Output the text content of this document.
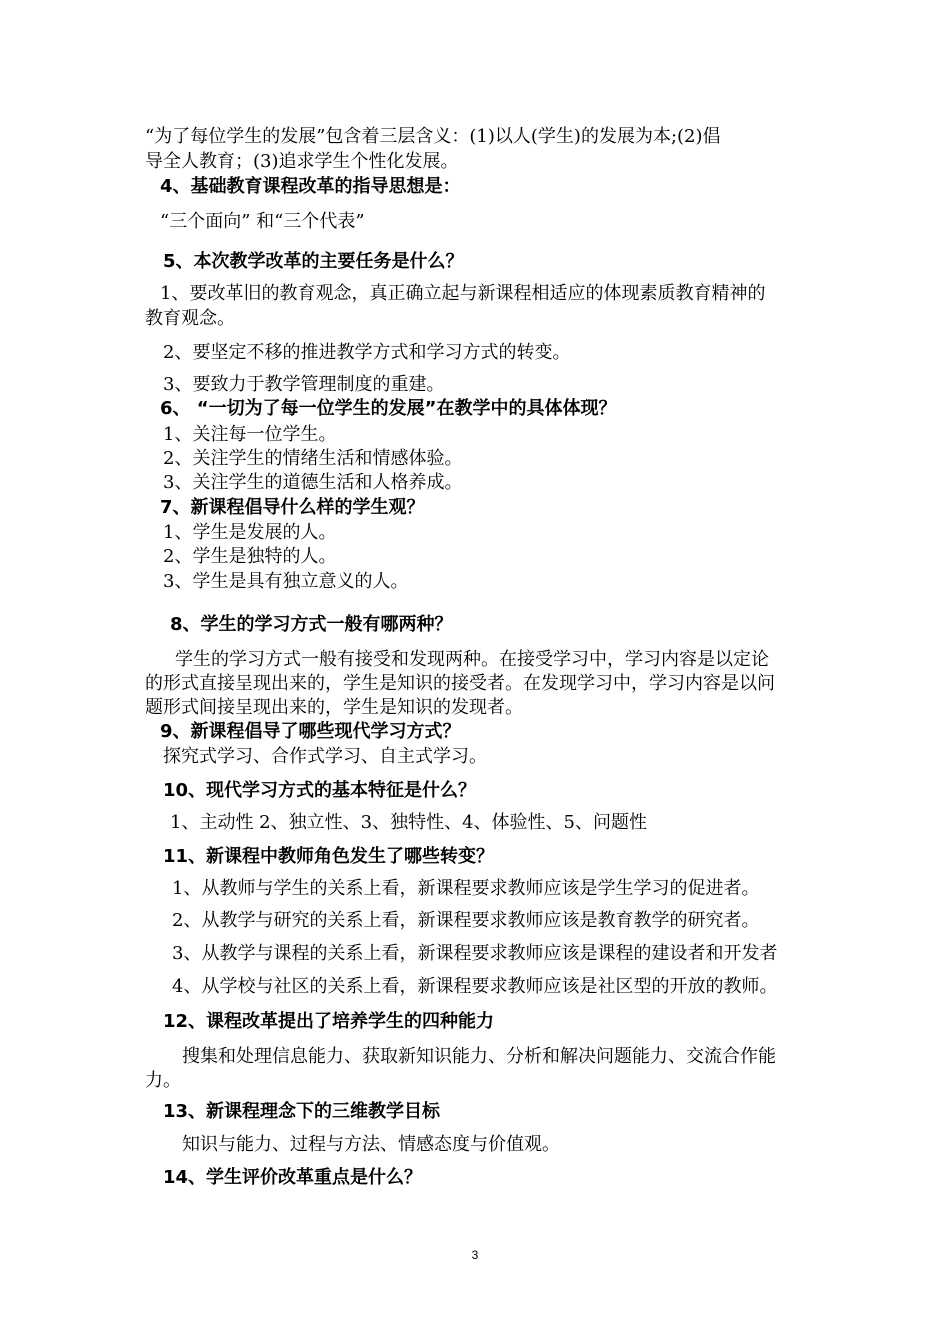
“为了每位学生的发展”包含着三层含义：(1)以人(学生)的发展为本;(2)倡
导全人教育；(3)追求学生个性化发展。
4、基础教育课程改革的指导思想是：
“三个面向” 和“三个代表”
5、本次教学改革的主要任务是什么？
1、要改革旧的教育观念，真正确立起与新课程相适应的体现素质教育精神的
教育观念。
2、要坚定不移的推进教学方式和学习方式的转变。
3、要致力于教学管理制度的重建。
6、 “一切为了每一位学生的发展”在教学中的具体体现？
1、关注每一位学生。
2、关注学生的情绪生活和情感体验。
3、关注学生的道德生活和人格养成。
7、新课程倡导什么样的学生观？
1、学生是发展的人。
2、学生是独特的人。
3、学生是具有独立意义的人。
8、学生的学习方式一般有哪两种？
学生的学习方式一般有接受和发现两种。在接受学习中，学习内容是以定论
的形式直接呈现出来的，学生是知识的接受者。在发现学习中，学习内容是以问
题形式间接呈现出来的，学生是知识的发现者。
9、新课程倡导了哪些现代学习方式？
探究式学习、合作式学习、自主式学习。
10、现代学习方式的基本特征是什么？
1、主动性 2、独立性、3、独特性、4、体验性、5、问题性
11、新课程中教师角色发生了哪些转变？
1、从教师与学生的关系上看，新课程要求教师应该是学生学习的促进者。
2、从教学与研究的关系上看，新课程要求教师应该是教育教学的研究者。
3、从教学与课程的关系上看，新课程要求教师应该是课程的建设者和开发者
4、从学校与社区的关系上看，新课程要求教师应该是社区型的开放的教师。
12、课程改革提出了培养学生的四种能力
搜集和处理信息能力、获取新知识能力、分析和解决问题能力、交流合作能
力。
13、新课程理念下的三维教学目标
知识与能力、过程与方法、情感态度与价值观。
14、学生评价改革重点是什么？
3
